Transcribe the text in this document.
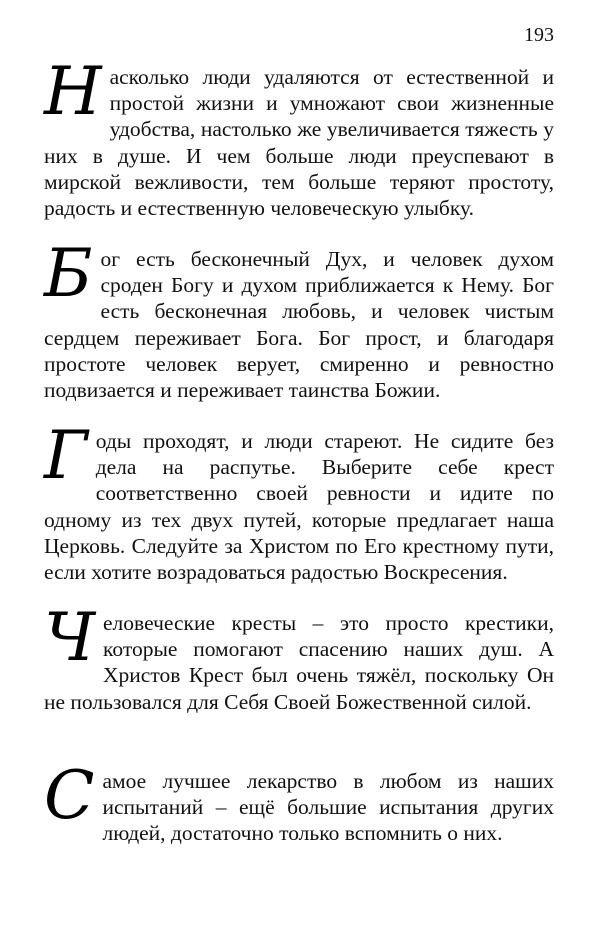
193

Насколько люди удаляются от естественной и простой жизни и умножают свои жизненные удобства, настолько же увеличивается тяжесть у них в душе. И чем больше люди преуспевают в мирской вежливости, тем больше теряют простоту, радость и естественную человеческую улыбку.

Бог есть бесконечный Дух, и человек духом сроден Богу и духом приближается к Нему. Бог есть бесконечная любовь, и человек чистым сердцем переживает Бога. Бог прост, и благодаря простоте человек верует, смиренно и ревностно подвизается и переживает таинства Божии.

Годы проходят, и люди стареют. Не сидите без дела на распутье. Выберите себе крест соответственно своей ревности и идите по одному из тех двух путей, которые предлагает наша Церковь. Следуйте за Христом по Его крестному пути, если хотите возрадоваться радостью Воскресения.

Человеческие кресты – это просто крестики, которые помогают спасению наших душ. А Христов Крест был очень тяжёл, поскольку Он не пользовался для Себя Своей Божественной силой.

Самое лучшее лекарство в любом из наших испытаний – ещё большие испытания других людей, достаточно только вспомнить о них.
